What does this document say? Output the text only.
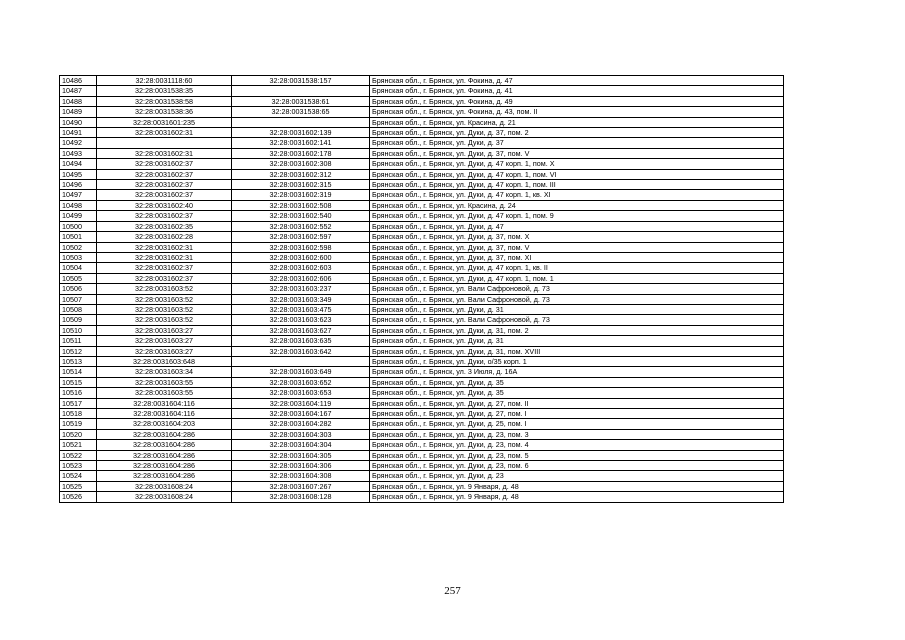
10486	32:28:0031118:60	32:28:0031538:157	Брянская обл., г. Брянск, ул. Фокина, д. 47
10487	32:28:0031538:35		Брянская обл., г. Брянск, ул. Фокина, д. 41
10488	32:28:0031538:58	32:28:0031538:61	Брянская обл., г. Брянск, ул. Фокина, д. 49
10489	32:28:0031538:36	32:28:0031538:65	Брянская обл., г. Брянск, ул. Фокина, д. 43, пом. II
10490	32:28:0031601:235		Брянская обл., г. Брянск, ул. Красина, д. 21
10491	32:28:0031602:31	32:28:0031602:139	Брянская обл., г. Брянск, ул. Дуки, д. 37, пом. 2
10492		32:28:0031602:141	Брянская обл., г. Брянск, ул. Дуки, д. 37
10493	32:28:0031602:31	32:28:0031602:178	Брянская обл., г. Брянск, ул. Дуки, д. 37, пом. V
10494	32:28:0031602:37	32:28:0031602:308	Брянская обл., г. Брянск, ул. Дуки, д. 47 корп. 1, пом. X
10495	32:28:0031602:37	32:28:0031602:312	Брянская обл., г. Брянск, ул. Дуки, д. 47 корп. 1, пом. VI
10496	32:28:0031602:37	32:28:0031602:315	Брянская обл., г. Брянск, ул. Дуки, д. 47 корп. 1, пом. III
10497	32:28:0031602:37	32:28:0031602:319	Брянская обл., г. Брянск, ул. Дуки, д. 47 корп. 1, кв. XI
10498	32:28:0031602:40	32:28:0031602:508	Брянская обл., г. Брянск, ул. Красина, д. 24
10499	32:28:0031602:37	32:28:0031602:540	Брянская обл., г. Брянск, ул. Дуки, д. 47 корп. 1, пом. 9
10500	32:28:0031602:35	32:28:0031602:552	Брянская обл., г. Брянск, ул. Дуки, д. 47
10501	32:28:0031602:28	32:28:0031602:597	Брянская обл., г. Брянск, ул. Дуки, д. 37, пом. X
10502	32:28:0031602:31	32:28:0031602:598	Брянская обл., г. Брянск, ул. Дуки, д. 37, пом. V
10503	32:28:0031602:31	32:28:0031602:600	Брянская обл., г. Брянск, ул. Дуки, д. 37, пом. XI
10504	32:28:0031602:37	32:28:0031602:603	Брянская обл., г. Брянск, ул. Дуки, д. 47 корп. 1, кв. II
10505	32:28:0031602:37	32:28:0031602:606	Брянская обл., г. Брянск, ул. Дуки, д. 47 корп. 1, пом. 1
10506	32:28:0031603:52	32:28:0031603:237	Брянская обл., г. Брянск, ул. Вали Сафроновой, д. 73
10507	32:28:0031603:52	32:28:0031603:349	Брянская обл., г. Брянск, ул. Вали Сафроновой, д. 73
10508	32:28:0031603:52	32:28:0031603:475	Брянская обл., г. Брянск, ул. Дуки, д. 31
10509	32:28:0031603:52	32:28:0031603:623	Брянская обл., г. Брянск, ул. Вали Сафроновой, д. 73
10510	32:28:0031603:27	32:28:0031603:627	Брянская обл., г. Брянск, ул. Дуки, д. 31, пом. 2
10511	32:28:0031603:27	32:28:0031603:635	Брянская обл., г. Брянск, ул. Дуки, д. 31
10512	32:28:0031603:27	32:28:0031603:642	Брянская обл., г. Брянск, ул. Дуки, д. 31, пом. XVIII
10513	32:28:0031603:648		Брянская обл., г. Брянск, ул. Дуки, о/35 корп. 1
10514	32:28:0031603:34	32:28:0031603:649	Брянская обл., г. Брянск, ул. 3 Июля, д. 16А
10515	32:28:0031603:55	32:28:0031603:652	Брянская обл., г. Брянск, ул. Дуки, д. 35
10516	32:28:0031603:55	32:28:0031603:653	Брянская обл., г. Брянск, ул. Дуки, д. 35
10517	32:28:0031604:116	32:28:0031604:119	Брянская обл., г. Брянск, ул. Дуки, д. 27, пом. II
10518	32:28:0031604:116	32:28:0031604:167	Брянская обл., г. Брянск, ул. Дуки, д. 27, пом. I
10519	32:28:0031604:203	32:28:0031604:282	Брянская обл., г. Брянск, ул. Дуки, д. 25, пом. I
10520	32:28:0031604:286	32:28:0031604:303	Брянская обл., г. Брянск, ул. Дуки, д. 23, пом. 3
10521	32:28:0031604:286	32:28:0031604:304	Брянская обл., г. Брянск, ул. Дуки, д. 23, пом. 4
10522	32:28:0031604:286	32:28:0031604:305	Брянская обл., г. Брянск, ул. Дуки, д. 23, пом. 5
10523	32:28:0031604:286	32:28:0031604:306	Брянская обл., г. Брянск, ул. Дуки, д. 23, пом. 6
10524	32:28:0031604:286	32:28:0031604:308	Брянская обл., г. Брянск, ул. Дуки, д. 23
10525	32:28:0031608:24	32:28:0031607:267	Брянская обл., г. Брянск, ул. 9 Января, д. 48
10526	32:28:0031608:24	32:28:0031608:128	Брянская обл., г. Брянск, ул. 9 Января, д. 48
257
